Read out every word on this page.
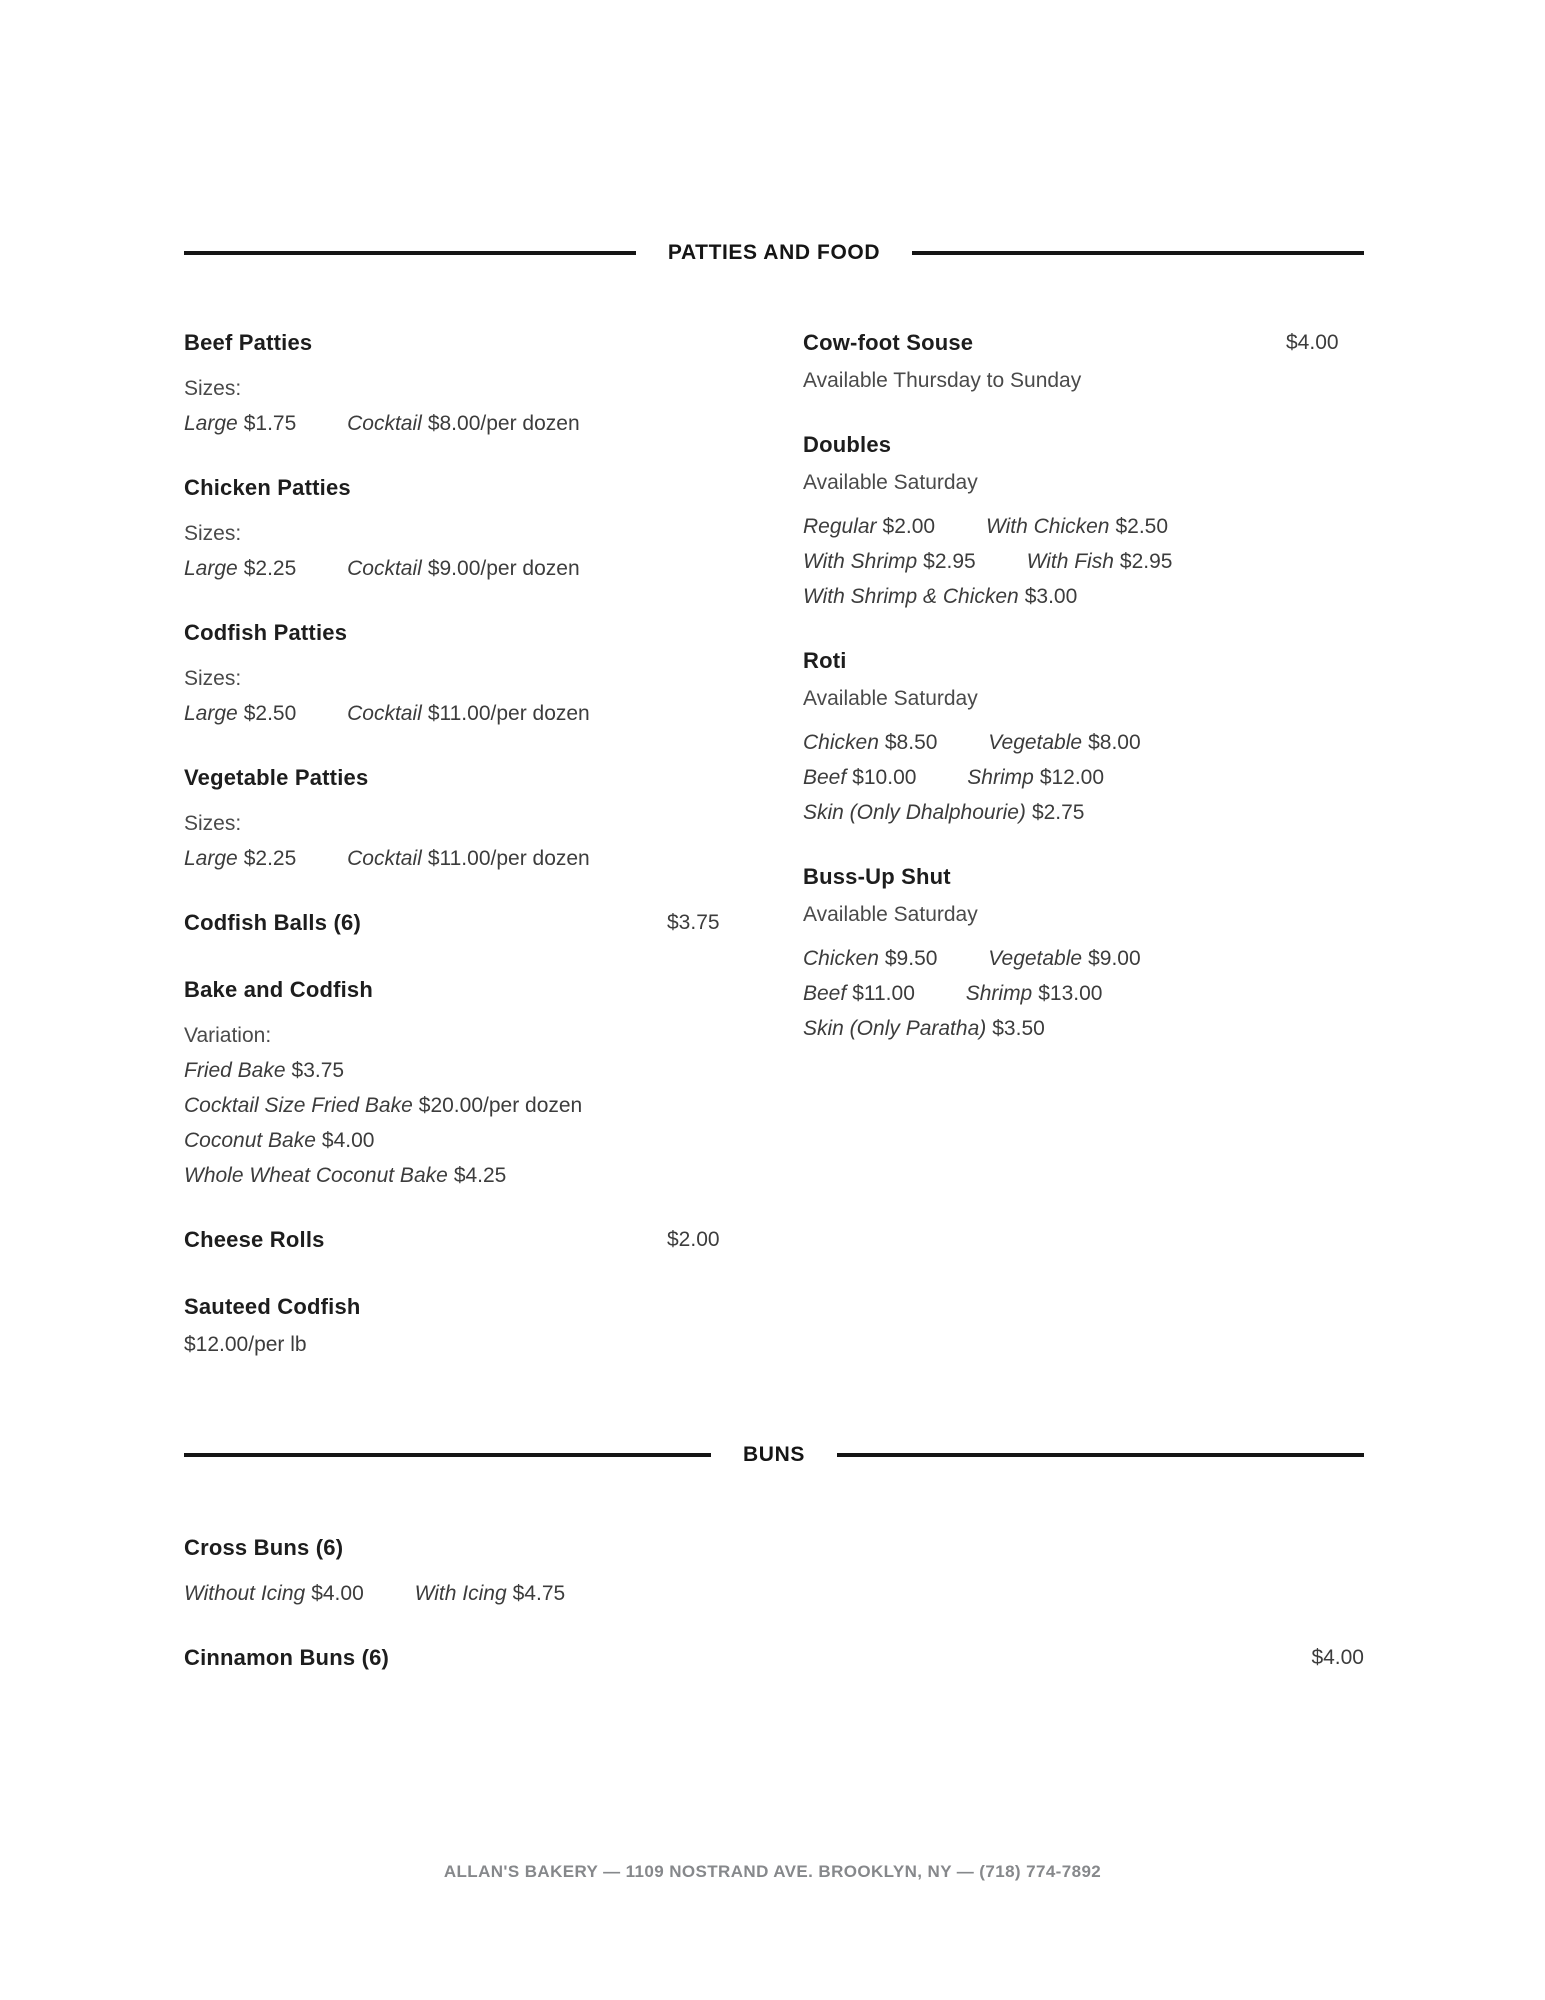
PATTIES AND FOOD
Beef Patties

Sizes:

Large $1.75 Cocktail $8.00/per dozen
Chicken Patties

Sizes:

Large $2.25 Cocktail $9.00/per dozen
Codfish Patties

Sizes:

Large $2.50 Cocktail $11.00/per dozen
Vegetable Patties

Sizes:

Large $2.25 Cocktail $11.00/per dozen
Codfish Balls (6)	$3.75
Bake and Codfish

Variation:

Fried Bake $3.75
Cocktail Size Fried Bake $20.00/per dozen
Coconut Bake $4.00
Whole Wheat Coconut Bake $4.25
Cheese Rolls	$2.00
Sauteed Codfish
$12.00/per lb
Cow-foot Souse	$4.00

Available Thursday to Sunday

Doubles

Available Saturday

Regular $2.00 With Chicken $2.50
With Shrimp $2.95 With Fish $2.95
With Shrimp & Chicken $3.00
Roti

Available Saturday

Chicken $8.50 Vegetable $8.00
Beef $10.00 Shrimp $12.00
Skin (Only Dhalphourie) $2.75
Buss-Up Shut

Available Saturday

Chicken $9.50 Vegetable $9.00
Beef $11.00 Shrimp $13.00
Skin (Only Paratha) $3.50
BUNS
Cross Buns (6)
Without Icing $4.00 With Icing $4.75
Cinnamon Buns (6)	$4.00
ALLAN'S BAKERY — 1109 NOSTRAND AVE. BROOKLYN, NY — (718) 774-7892
